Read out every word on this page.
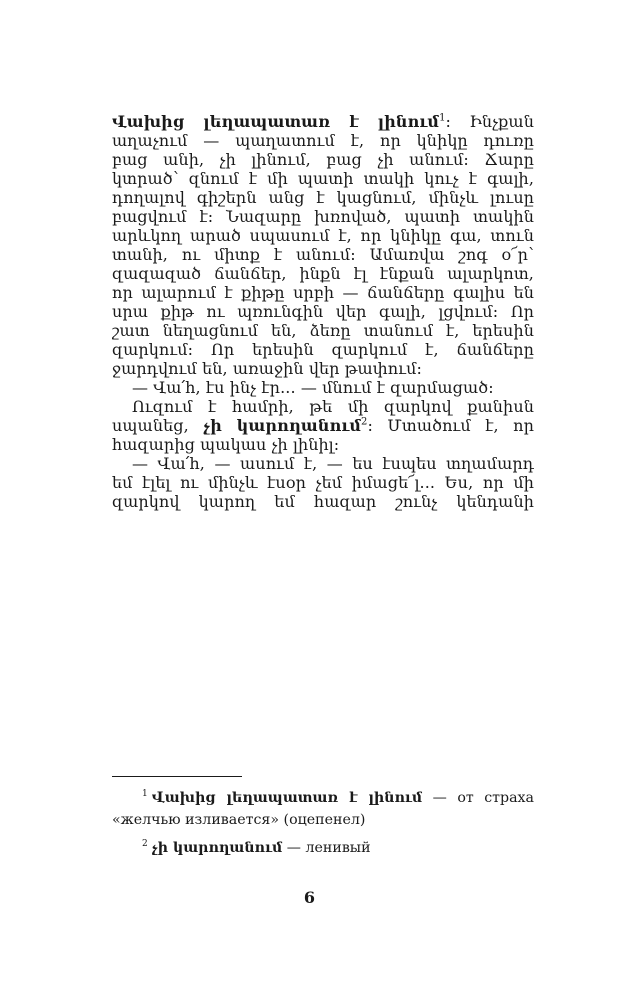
Վախից լեղապատառ է լինում$^1$: Ինչքան
աղաչում — պաղատում է, որ կնիկը դուռը
բաց անի, չի լինում, բաց չի անում: Ճարը
կտրած՝ զնում է մի պատի տակի կուչ է գալի,
դողալով գիշերն անց է կացնում, մինչև լուսը
բացվում է: Նազարը խռոված, պատի տակին
արևկող արած սպասում է, որ կնիկը գա, տուն
տանի, ու միտք է անում: Ամառվա շոգ օ՜ր՝
զազազած ճանճեր, ինքն էլ էնքան ալարկոտ,
որ ալարում է քիթը սրբի — ճանճերը գալիս են
սրա քիթ ու պռունգին վեր գալի, լցվում: Որ
շատ նեղացնում են, ձեռը տանում է, երեսին
զարկում: Որ երեսին զարկում է, ճանճերը
ջարդվում են, առաջին վեր թափում:
— Վա՛հ, էս ինչ էր... — մնում է զարմացած:
Ուզում է համրի, թե մի զարկով քանիսն
սպանեց, չի կարողանում$^2$: Մտածում է, որ
հազարից պակաս չի լինիլ:
— Վա՛հ, — ասում է, — ես էսպես տղամարդ
եմ էլել ու մինչև էսօր չեմ իմացե՜լ... Ես, որ մի
զարկով կարող եմ հազար շունչ կենդանի
$^1$ Վախից լեղապատառ է լինում — от страха
«желчью изливается» (оцепенел)
$^2$ չի կարողանում — ленивый
6
